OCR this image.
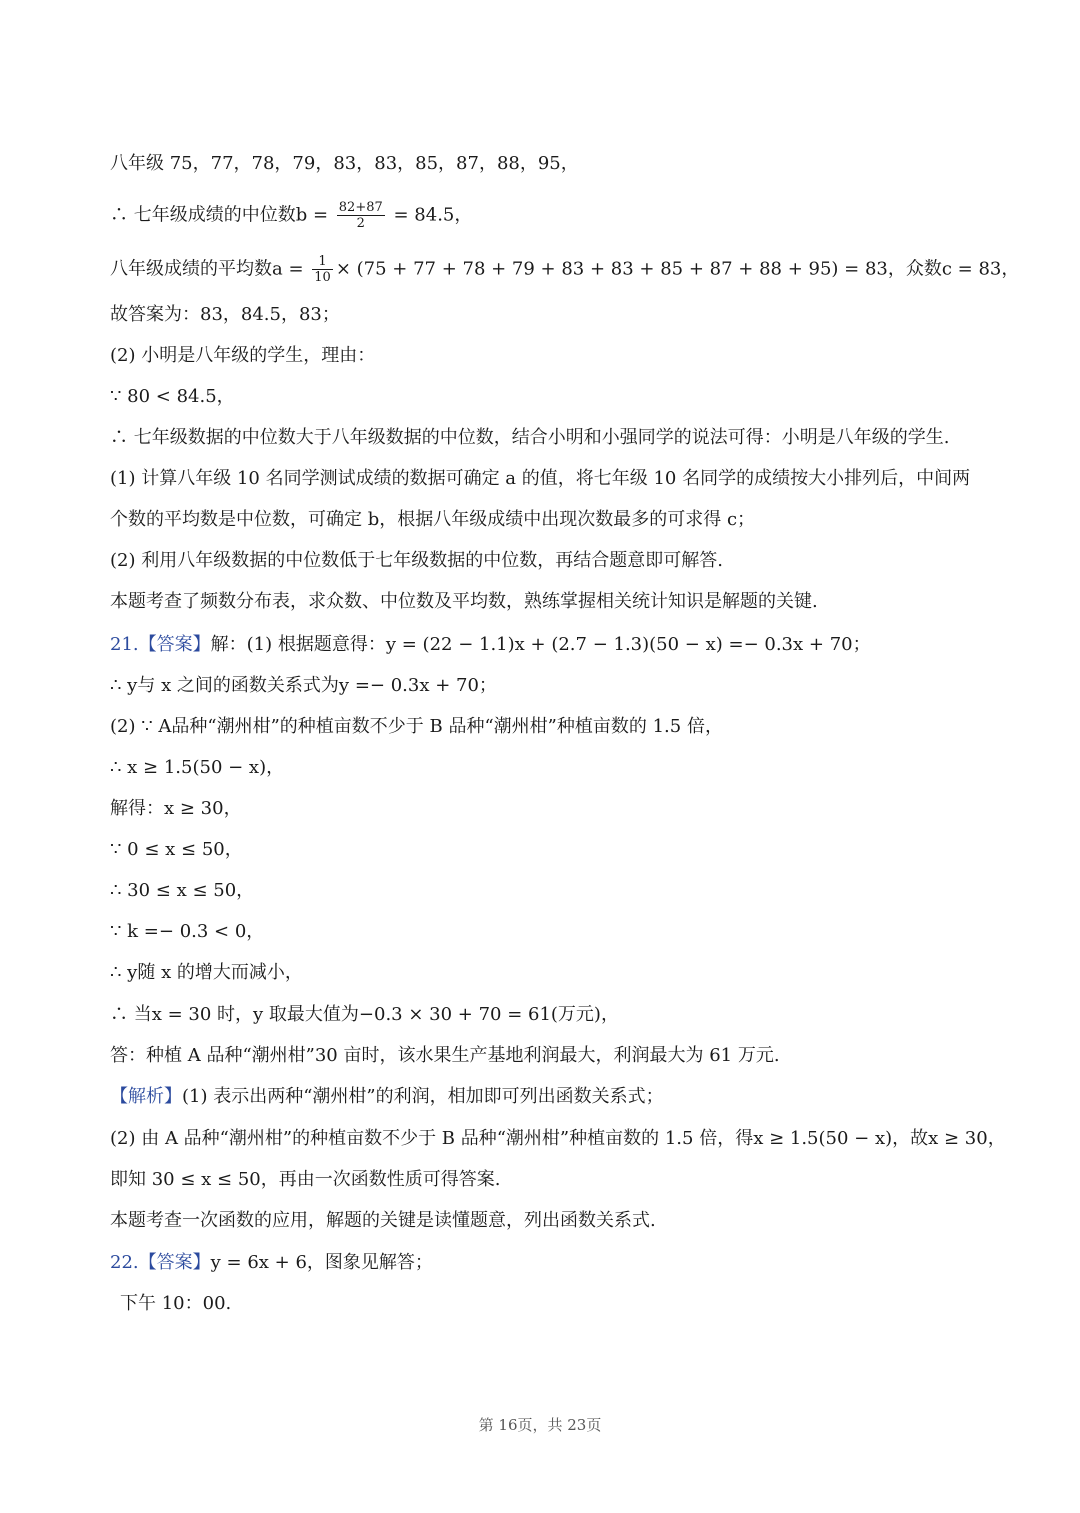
八年级 75，77，78，79，83，83，85，87，88，95，
∴ 七年级成绩的中位数$b = \frac{82+87}{2} = 84.5$，
八年级成绩的平均数$a = \frac{1}{10} \times (75 + 77 + 78 + 79 + 83 + 83 + 85 + 87 + 88 + 95) = 83$，众数c = 83，
故答案为：83，84.5，83；
(2) 小明是八年级的学生，理由：
∵ 80 < 84.5，
∴ 七年级数据的中位数大于八年级数据的中位数，结合小明和小强同学的说法可得：小明是八年级的学生.
(1) 计算八年级 10 名同学测试成绩的数据可确定 a 的值，将七年级 10 名同学的成绩按大小排列后，中间两
个数的平均数是中位数，可确定 b，根据八年级成绩中出现次数最多的可求得 c；
(2) 利用八年级数据的中位数低于七年级数据的中位数，再结合题意即可解答.
本题考查了频数分布表，求众数、中位数及平均数，熟练掌握相关统计知识是解题的关键.
21.【答案】解：(1) 根据题意得：y = (22 − 1.1)x + (2.7 − 1.3)(50 − x) =− 0.3x + 70；
∴ y与 x 之间的函数关系式为y =− 0.3x + 70；
(2) ∵ A品种“潮州柑”的种植亩数不少于 B 品种“潮州柑”种植亩数的 1.5 倍，
∴ x ≥ 1.5(50 − x)，
解得：x ≥ 30，
∵ 0 ≤ x ≤ 50，
∴ 30 ≤ x ≤ 50，
∵ k =− 0.3 < 0，
∴ y随 x 的增大而减小，
∴ 当x = 30 时，y 取最大值为−0.3 × 30 + 70 = 61(万元)，
答：种植 A 品种“潮州柑”30 亩时，该水果生产基地利润最大，利润最大为 61 万元.
【解析】(1) 表示出两种“潮州柑”的利润，相加即可列出函数关系式；
(2) 由 A 品种“潮州柑”的种植亩数不少于 B 品种“潮州柑”种植亩数的 1.5 倍，得x ≥ 1.5(50 − x)，故x ≥ 30，
即知 30 ≤ x ≤ 50，再由一次函数性质可得答案.
本题考查一次函数的应用，解题的关键是读懂题意，列出函数关系式.
22.【答案】y = 6x + 6，图象见解答；
下午 10：00.
第 16页，共 23页
